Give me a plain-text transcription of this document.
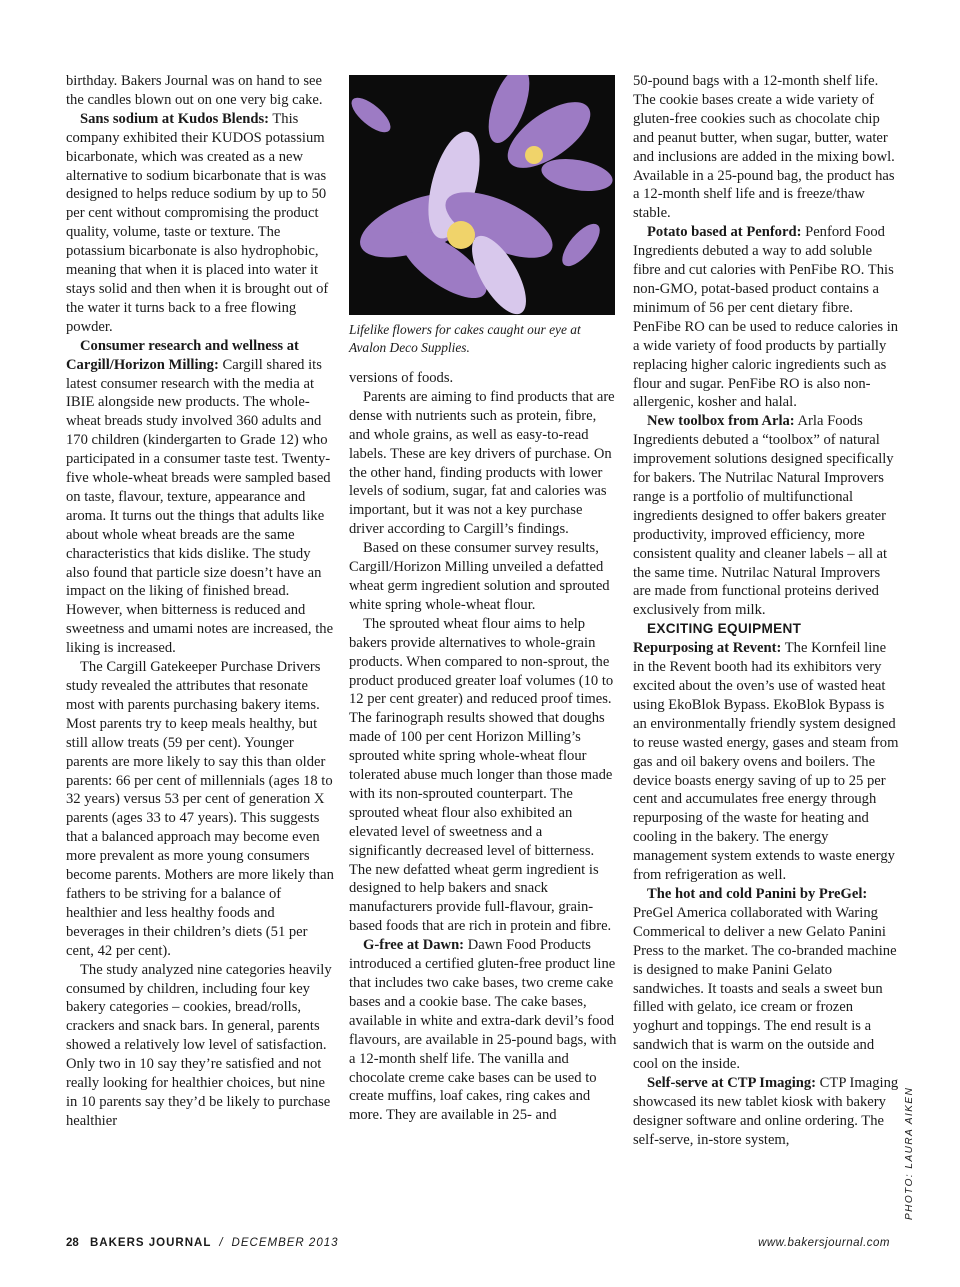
birthday. Bakers Journal was on hand to see the candles blown out on one very big cake.

Sans sodium at Kudos Blends: This company exhibited their KUDOS potassium bicarbonate, which was created as a new alternative to sodium bicarbonate that is was designed to helps reduce sodium by up to 50 per cent without compromising the product quality, volume, taste or texture. The potassium bicarbonate is also hydrophobic, meaning that when it is placed into water it stays solid and then when it is brought out of the water it turns back to a free flowing powder.

Consumer research and wellness at Cargill/Horizon Milling: Cargill shared its latest consumer research with the media at IBIE alongside new products. The whole-wheat breads study involved 360 adults and 170 children (kindergarten to Grade 12) who participated in a consumer taste test. Twenty-five whole-wheat breads were sampled based on taste, flavour, texture, appearance and aroma. It turns out the things that adults like about whole wheat breads are the same characteristics that kids dislike. The study also found that particle size doesn’t have an impact on the liking of finished bread. However, when bitterness is reduced and sweetness and umami notes are increased, the liking is increased.

The Cargill Gatekeeper Purchase Drivers study revealed the attributes that resonate most with parents purchasing bakery items. Most parents try to keep meals healthy, but still allow treats (59 per cent). Younger parents are more likely to say this than older parents: 66 per cent of millennials (ages 18 to 32 years) versus 53 per cent of generation X parents (ages 33 to 47 years). This suggests that a balanced approach may become even more prevalent as more young consumers become parents. Mothers are more likely than fathers to be striving for a balance of healthier and less healthy foods and beverages in their children’s diets (51 per cent, 42 per cent).

The study analyzed nine categories heavily consumed by children, including four key bakery categories – cookies, bread/rolls, crackers and snack bars. In general, parents showed a relatively low level of satisfaction. Only two in 10 say they’re satisfied and not really looking for healthier choices, but nine in 10 parents say they’d be likely to purchase healthier

Lifelike flowers for cakes caught our eye at Avalon Deco Supplies.

versions of foods.

Parents are aiming to find products that are dense with nutrients such as protein, fibre, and whole grains, as well as easy-to-read labels. These are key drivers of purchase. On the other hand, finding products with lower levels of sodium, sugar, fat and calories was important, but it was not a key purchase driver according to Cargill’s findings.

Based on these consumer survey results, Cargill/Horizon Milling unveiled a defatted wheat germ ingredient solution and sprouted white spring whole-wheat flour.

The sprouted wheat flour aims to help bakers provide alternatives to whole-grain products. When compared to non-sprout, the product produced greater loaf volumes (10 to 12 per cent greater) and reduced proof times. The farinograph results showed that doughs made of 100 per cent Horizon Milling’s sprouted white spring whole-wheat flour tolerated abuse much longer than those made with its non-sprouted counterpart. The sprouted wheat flour also exhibited an elevated level of sweetness and a significantly decreased level of bitterness. The new defatted wheat germ ingredient is designed to help bakers and snack manufacturers provide full-flavour, grain-based foods that are rich in protein and fibre.

G-free at Dawn: Dawn Food Products introduced a certified gluten-free product line that includes two cake bases, two creme cake bases and a cookie base. The cake bases, available in white and extra-dark devil’s food flavours, are available in 25-pound bags, with a 12-month shelf life. The vanilla and chocolate creme cake bases can be used to create muffins, loaf cakes, ring cakes and more. They are available in 25- and

50-pound bags with a 12-month shelf life. The cookie bases create a wide variety of gluten-free cookies such as chocolate chip and peanut butter, when sugar, butter, water and inclusions are added in the mixing bowl. Available in a 25-pound bag, the product has a 12-month shelf life and is freeze/thaw stable.

Potato based at Penford: Penford Food Ingredients debuted a way to add soluble fibre and cut calories with PenFibe RO. This non-GMO, potat-based product contains a minimum of 56 per cent dietary fibre. PenFibe RO can be used to reduce calories in a wide variety of food products by partially replacing higher caloric ingredients such as flour and sugar. PenFibe RO is also non-allergenic, kosher and halal.

New toolbox from Arla: Arla Foods Ingredients debuted a “toolbox” of natural improvement solutions designed specifically for bakers. The Nutrilac Natural Improvers range is a portfolio of multifunctional ingredients designed to offer bakers greater productivity, improved efficiency, more consistent quality and cleaner labels – all at the same time. Nutrilac Natural Improvers are made from functional proteins derived exclusively from milk.

EXCITING EQUIPMENT

Repurposing at Revent: The Kornfeil line in the Revent booth had its exhibitors very excited about the oven’s use of wasted heat using EkoBlok Bypass. EkoBlok Bypass is an environmentally friendly system designed to reuse wasted energy, gases and steam from gas and oil bakery ovens and boilers. The device boasts energy saving of up to 25 per cent and accumulates free energy through repurposing of the waste for heating and cooling in the bakery. The energy management system extends to waste energy from refrigeration as well.

The hot and cold Panini by PreGel: PreGel America collaborated with Waring Commerical to deliver a new Gelato Panini Press to the market. The co-branded machine is designed to make Panini Gelato sandwiches. It toasts and seals a sweet bun filled with gelato, ice cream or frozen yoghurt and toppings. The end result is a sandwich that is warm on the outside and cool on the inside.

Self-serve at CTP Imaging: CTP Imaging showcased its new tablet kiosk with bakery designer software and online ordering. The self-serve, in-store system,	PHOTO: LAURA AIKEN
28 BAKERS JOURNAL / DECEMBER 2013	www.bakersjournal.com
